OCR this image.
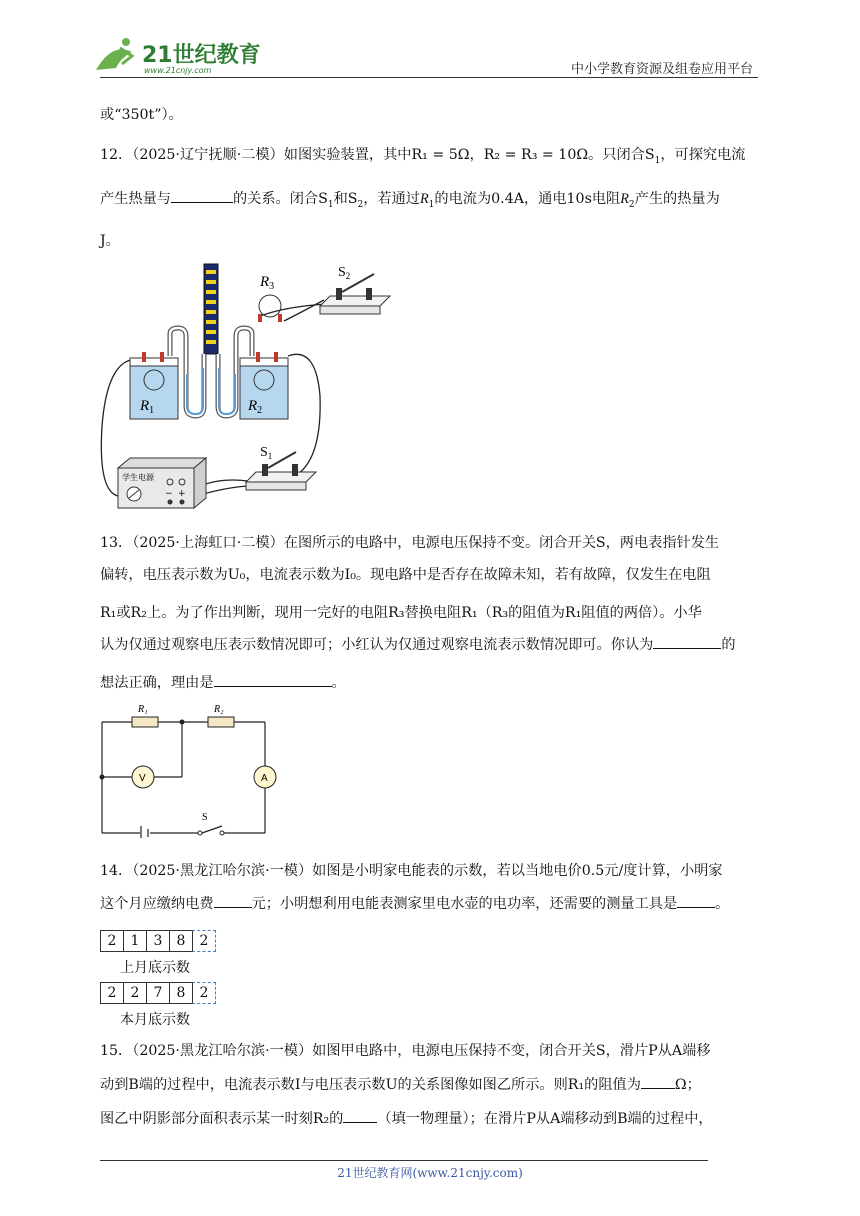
21世纪教育
www.21cnjy.com	中小学教育资源及组卷应用平台
或“350t”）。
12．（2025·辽宁抚顺·二模）如图实验装置，其中R₁ = 5Ω，R₂ = R₃ = 10Ω。只闭合$S_1$，可探究电流
产生热量与	的关系。闭合$S_1$和$S_2$，若通过$R_1$的电流为0.4A，通电10s电阻$R_2$产生的热量为
J。
$R_1$	$R_2$
$R_3$
$S_2$
$S_1$
学生电源
− +
13．（2025·上海虹口·二模）在图所示的电路中，电源电压保持不变。闭合开关S，两电表指针发生
偏转，电压表示数为U₀，电流表示数为I₀。现电路中是否存在故障未知，若有故障，仅发生在电阻
R₁或R₂上。为了作出判断，现用一完好的电阻R₃替换电阻R₁（R₃的阻值为R₁阻值的两倍）。小华
认为仅通过观察电压表示数情况即可；小红认为仅通过观察电流表示数情况即可。你认为	的
想法正确，理由是	。
R₁	R₂
V	A
S
14．（2025·黑龙江哈尔滨·一模）如图是小明家电能表的示数，若以当地电价0.5元/度计算，小明家
这个月应缴纳电费	元；小明想利用电能表测家里电水壶的电功率，还需要的测量工具是	。
2	1	3	8	2
上月底示数
2	2	7	8	2
本月底示数
15．（2025·黑龙江哈尔滨·一模）如图甲电路中，电源电压保持不变，闭合开关S，滑片P从A端移
动到B端的过程中，电流表示数I与电压表示数U的关系图像如图乙所示。则R₁的阻值为 Ω；
图乙中阴影部分面积表示某一时刻R₂的 （填一物理量）；在滑片P从A端移动到B端的过程中，
21世纪教育网(www.21cnjy.com)
